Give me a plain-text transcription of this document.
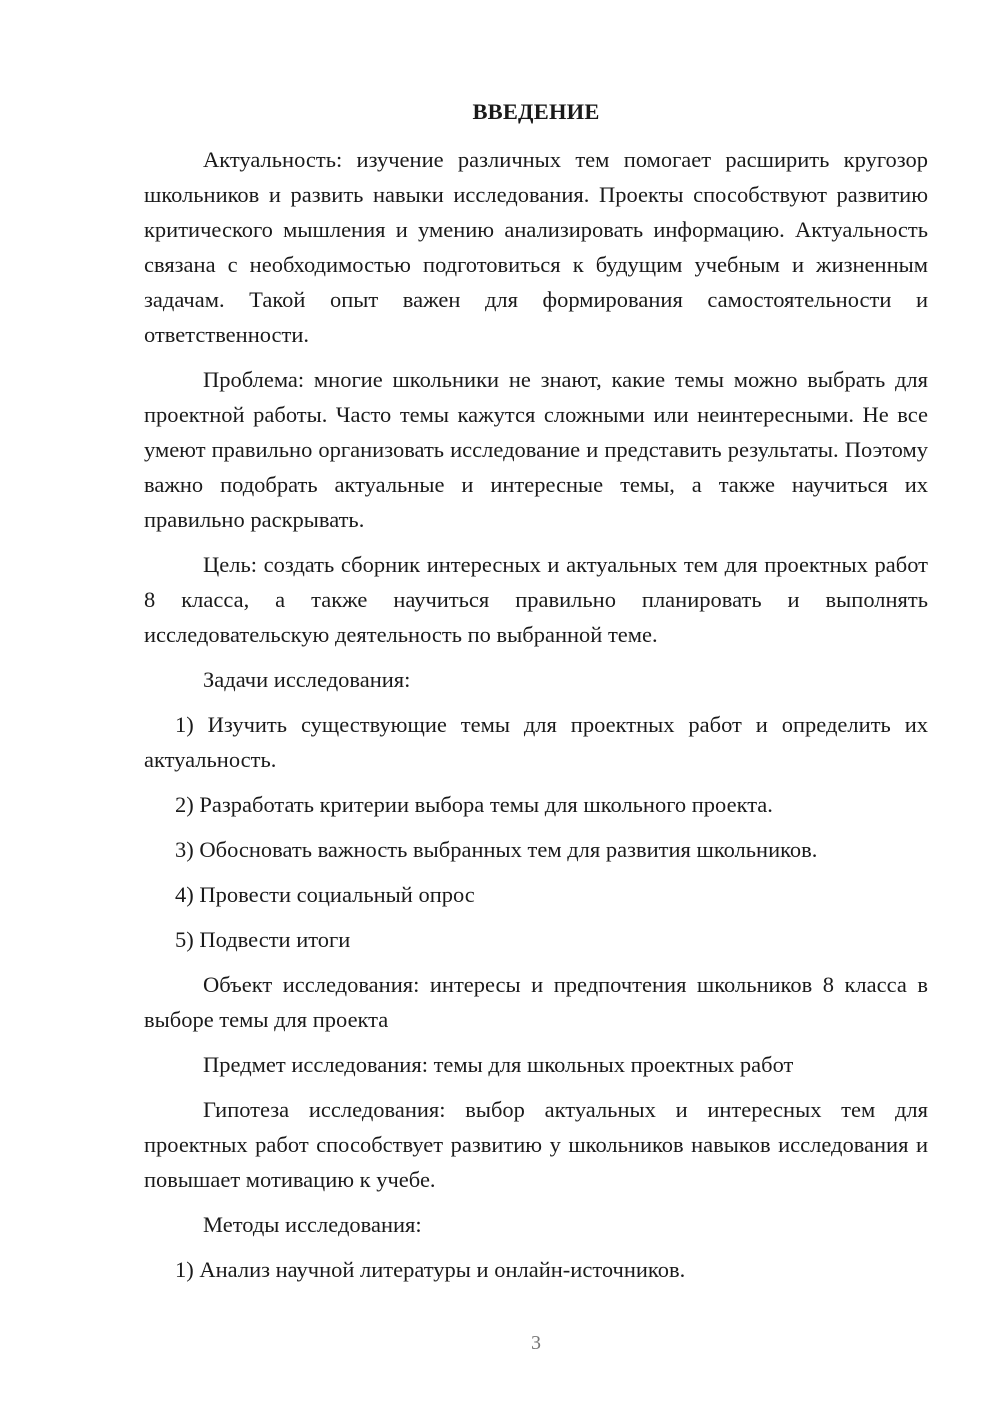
ВВЕДЕНИЕ
Актуальность: изучение различных тем помогает расширить кругозор школьников и развить навыки исследования. Проекты способствуют развитию критического мышления и умению анализировать информацию. Актуальность связана с необходимостью подготовиться к будущим учебным и жизненным задачам. Такой опыт важен для формирования самостоятельности и ответственности.
Проблема: многие школьники не знают, какие темы можно выбрать для проектной работы. Часто темы кажутся сложными или неинтересными. Не все умеют правильно организовать исследование и представить результаты. Поэтому важно подобрать актуальные и интересные темы, а также научиться их правильно раскрывать.
Цель: создать сборник интересных и актуальных тем для проектных работ 8 класса, а также научиться правильно планировать и выполнять исследовательскую деятельность по выбранной теме.
Задачи исследования:
1) Изучить существующие темы для проектных работ и определить их актуальность.
2) Разработать критерии выбора темы для школьного проекта.
3) Обосновать важность выбранных тем для развития школьников.
4) Провести социальный опрос
5) Подвести итоги
Объект исследования: интересы и предпочтения школьников 8 класса в выборе темы для проекта
Предмет исследования: темы для школьных проектных работ
Гипотеза исследования: выбор актуальных и интересных тем для проектных работ способствует развитию у школьников навыков исследования и повышает мотивацию к учебе.
Методы исследования:
1) Анализ научной литературы и онлайн-источников.
3
